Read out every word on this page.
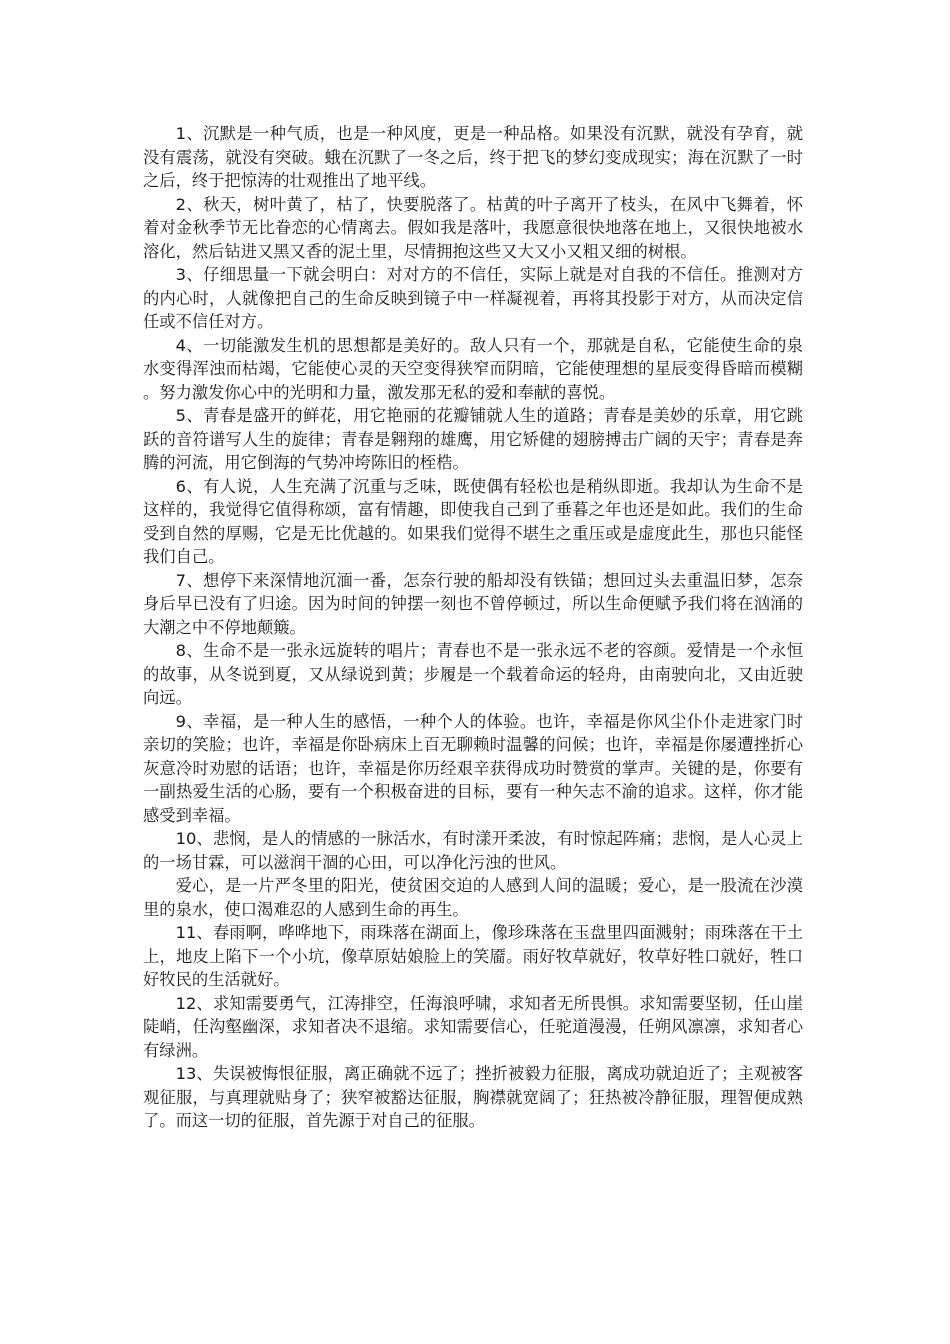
1、沉默是一种气质，也是一种风度，更是一种品格。如果没有沉默，就没有孕育，就没有震荡，就没有突破。蛾在沉默了一冬之后，终于把飞的梦幻变成现实；海在沉默了一时之后，终于把惊涛的壮观推出了地平线。

2、秋天，树叶黄了，枯了，快要脱落了。枯黄的叶子离开了枝头，在风中飞舞着，怀着对金秋季节无比眷恋的心情离去。假如我是落叶，我愿意很快地落在地上，又很快地被水溶化，然后钻进又黑又香的泥土里，尽情拥抱这些又大又小又粗又细的树根。

3、仔细思量一下就会明白：对对方的不信任，实际上就是对自我的不信任。推测对方的内心时，人就像把自己的生命反映到镜子中一样凝视着，再将其投影于对方，从而决定信任或不信任对方。

4、一切能激发生机的思想都是美好的。敌人只有一个，那就是自私，它能使生命的泉水变得浑浊而枯竭，它能使心灵的天空变得狭窄而阴暗，它能使理想的星辰变得昏暗而模糊。努力激发你心中的光明和力量，激发那无私的爱和奉献的喜悦。

5、青春是盛开的鲜花，用它艳丽的花瓣铺就人生的道路；青春是美妙的乐章，用它跳跃的音符谱写人生的旋律；青春是翱翔的雄鹰，用它矫健的翅膀搏击广阔的天宇；青春是奔腾的河流，用它倒海的气势冲垮陈旧的桎梏。

6、有人说，人生充满了沉重与乏味，既使偶有轻松也是稍纵即逝。我却认为生命不是这样的，我觉得它值得称颂，富有情趣，即使我自己到了垂暮之年也还是如此。我们的生命受到自然的厚赐，它是无比优越的。如果我们觉得不堪生之重压或是虚度此生，那也只能怪我们自己。

7、想停下来深情地沉湎一番，怎奈行驶的船却没有铁锚；想回过头去重温旧梦，怎奈身后早已没有了归途。因为时间的钟摆一刻也不曾停顿过，所以生命便赋予我们将在汹涌的大潮之中不停地颠簸。

8、生命不是一张永远旋转的唱片；青春也不是一张永远不老的容颜。爱情是一个永恒的故事，从冬说到夏，又从绿说到黄；步履是一个载着命运的轻舟，由南驶向北，又由近驶向远。

9、幸福，是一种人生的感悟，一种个人的体验。也许，幸福是你风尘仆仆走进家门时亲切的笑脸；也许，幸福是你卧病床上百无聊赖时温馨的问候；也许，幸福是你屡遭挫折心灰意冷时劝慰的话语；也许，幸福是你历经艰辛获得成功时赞赏的掌声。关键的是，你要有一副热爱生活的心肠，要有一个积极奋进的目标，要有一种矢志不渝的追求。这样，你才能感受到幸福。

10、悲悯，是人的情感的一脉活水，有时漾开柔波，有时惊起阵痛；悲悯，是人心灵上的一场甘霖，可以滋润干涸的心田，可以净化污浊的世风。

爱心，是一片严冬里的阳光，使贫困交迫的人感到人间的温暖；爱心，是一股流在沙漠里的泉水，使口渴难忍的人感到生命的再生。

11、春雨啊，哗哗地下，雨珠落在湖面上，像珍珠落在玉盘里四面溅射；雨珠落在干土上，地皮上陷下一个小坑，像草原姑娘脸上的笑靥。雨好牧草就好，牧草好牲口就好，牲口好牧民的生活就好。

12、求知需要勇气，江涛排空，任海浪呼啸，求知者无所畏惧。求知需要坚韧，任山崖陡峭，任沟壑幽深，求知者决不退缩。求知需要信心，任驼道漫漫，任朔风凛凛，求知者心有绿洲。

13、失误被悔恨征服，离正确就不远了；挫折被毅力征服，离成功就迫近了；主观被客观征服，与真理就贴身了；狭窄被豁达征服，胸襟就宽阔了；狂热被冷静征服，理智便成熟了。而这一切的征服，首先源于对自己的征服。
